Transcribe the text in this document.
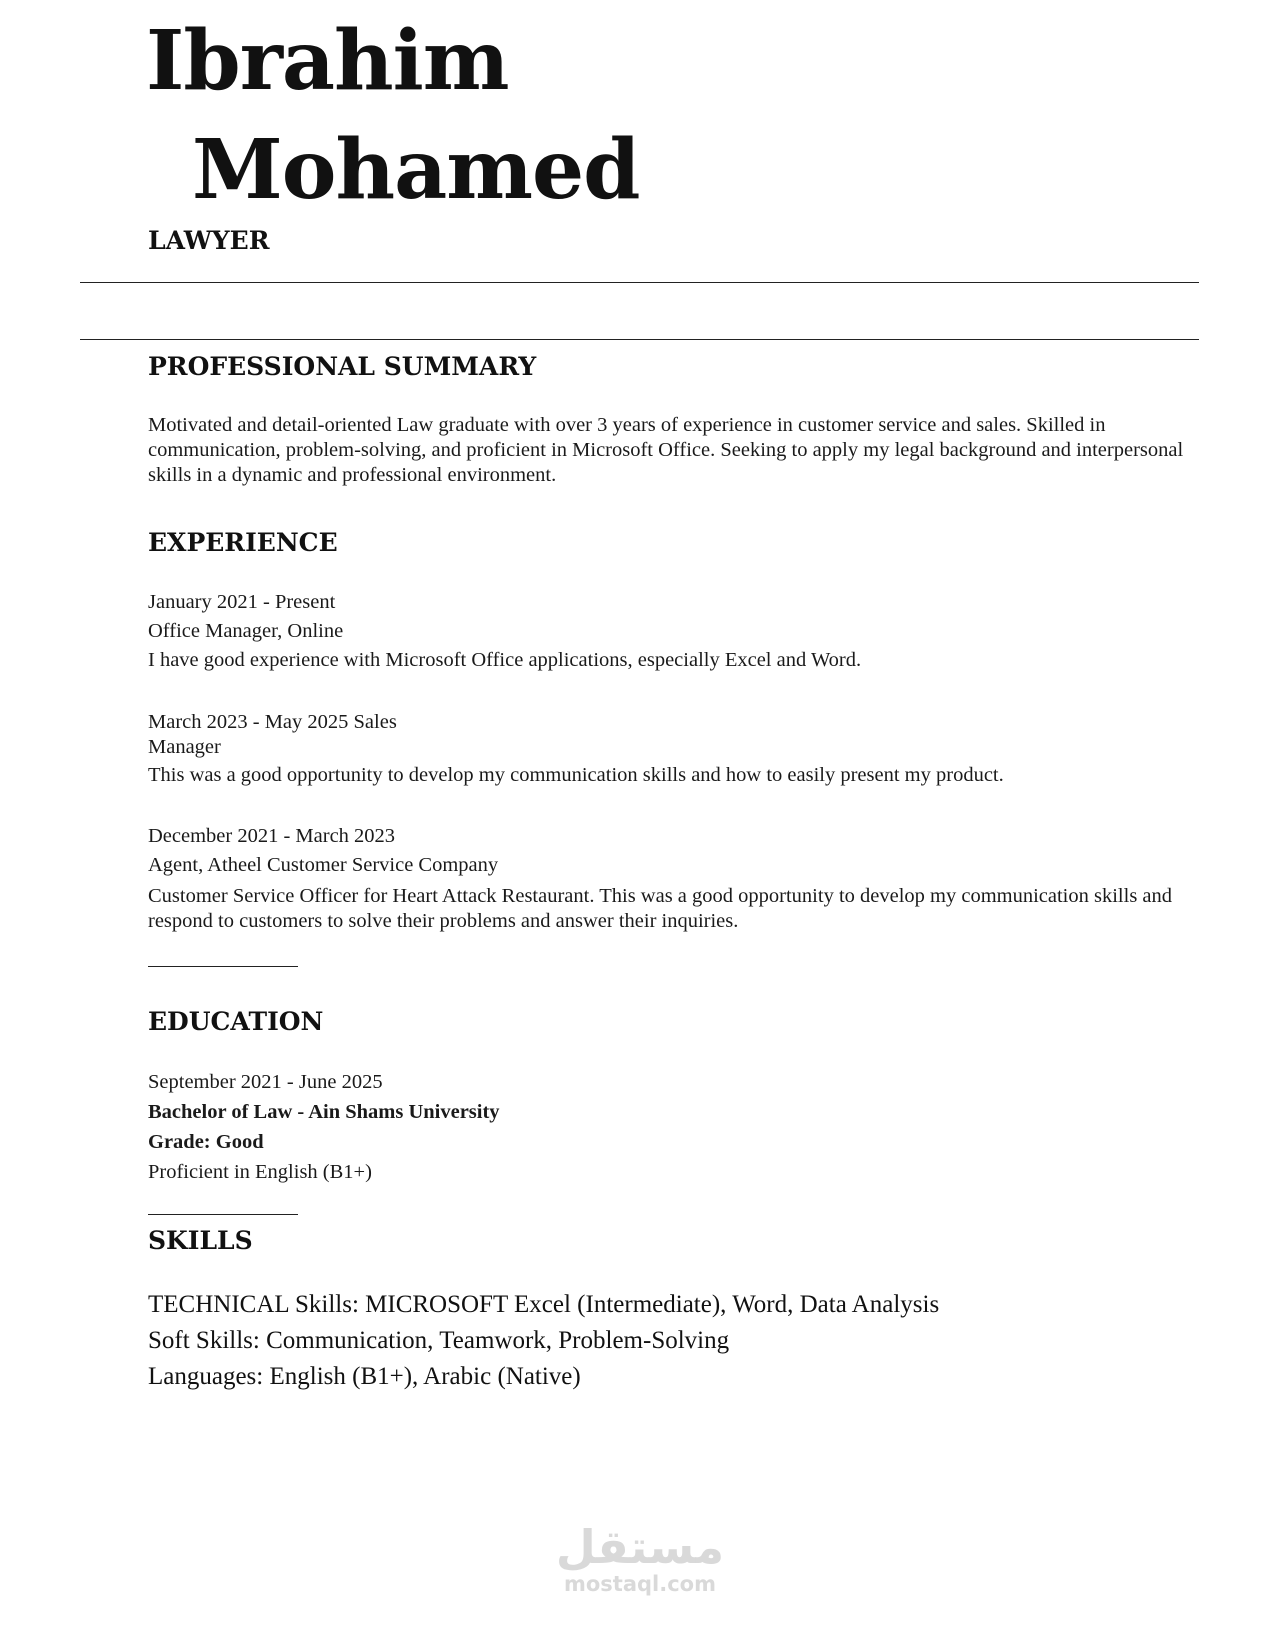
Ibrahim
Mohamed
LAWYER
PROFESSIONAL SUMMARY
Motivated and detail-oriented Law graduate with over 3 years of experience in customer service and sales. Skilled in communication, problem-solving, and proficient in Microsoft Office. Seeking to apply my legal background and interpersonal skills in a dynamic and professional environment.
EXPERIENCE
January 2021 - Present
Office Manager, Online
I have good experience with Microsoft Office applications, especially Excel and Word.
March 2023 - May 2025 Sales
Manager
This was a good opportunity to develop my communication skills and how to easily present my product.
December 2021 - March 2023
Agent, Atheel Customer Service Company
Customer Service Officer for Heart Attack Restaurant. This was a good opportunity to develop my communication skills and respond to customers to solve their problems and answer their inquiries.
EDUCATION
September 2021 - June 2025
Bachelor of Law - Ain Shams University
Grade: Good
Proficient in English (B1+)
SKILLS
TECHNICAL Skills: MICROSOFT Excel (Intermediate), Word, Data Analysis
Soft Skills: Communication, Teamwork, Problem-Solving
Languages: English (B1+), Arabic (Native)
مستقل
mostaql.com
